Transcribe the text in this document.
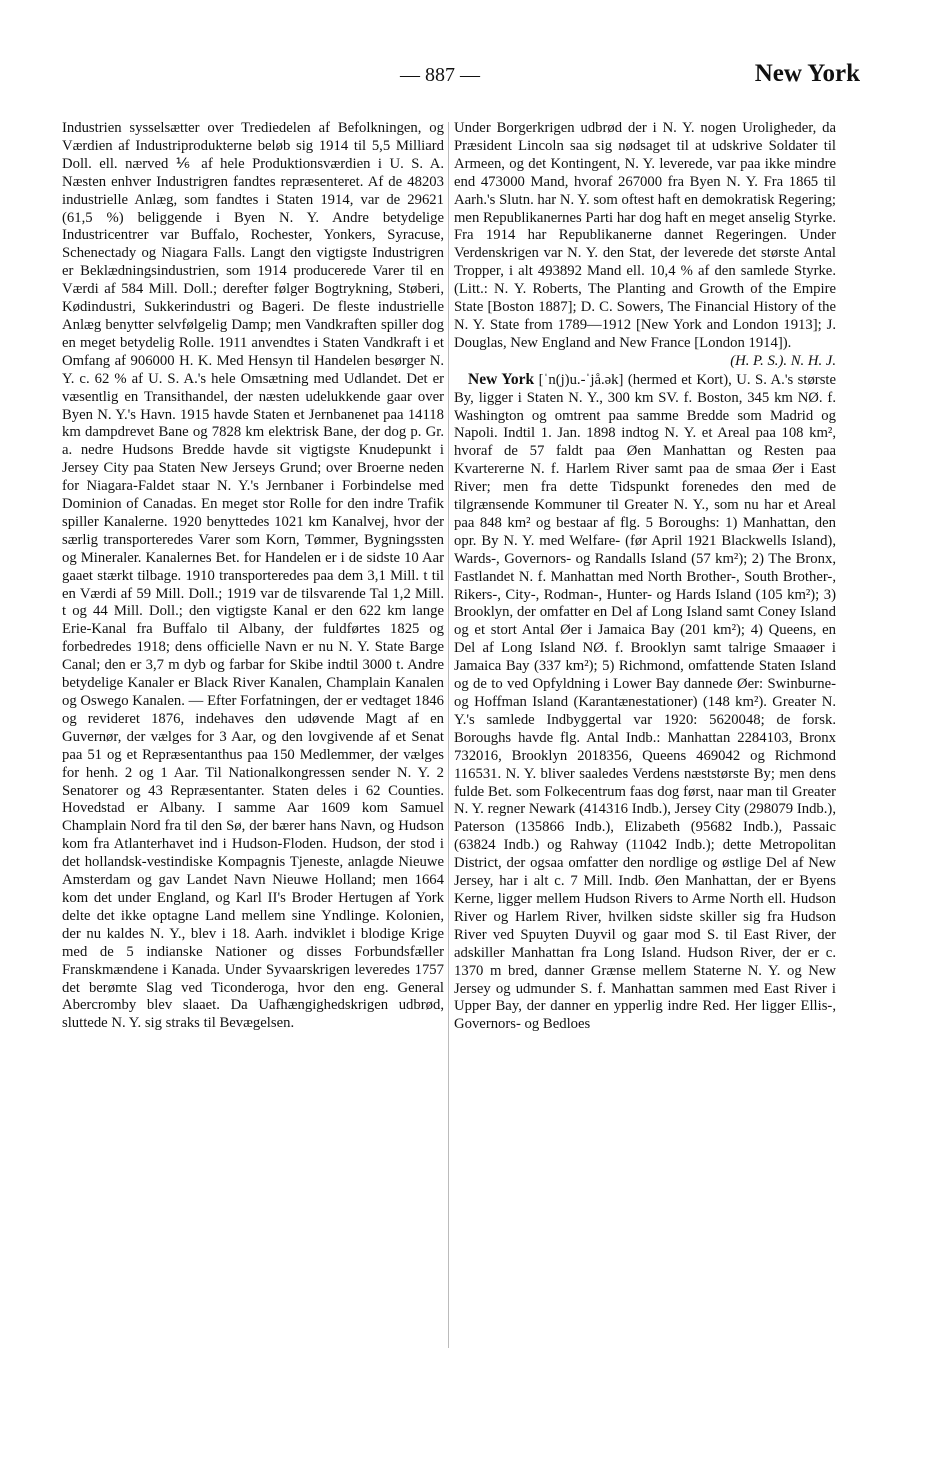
— 887 —	New York
Industrien sysselsætter over Trediedelen af Befolkningen, og Værdien af Industriprodukterne beløb sig 1914 til 5,5 Milliard Doll. ell. nærved ⅙ af hele Produktionsværdien i U. S. A. Næsten enhver Industrigren fandtes repræsenteret. Af de 48203 industrielle Anlæg, som fandtes i Staten 1914, var de 29621 (61,5 %) beliggende i Byen N. Y. Andre betydelige Industricentrer var Buffalo, Rochester, Yonkers, Syracuse, Schenectady og Niagara Falls. Langt den vigtigste Industrigren er Beklædningsindustrien, som 1914 producerede Varer til en Værdi af 584 Mill. Doll.; derefter følger Bogtrykning, Støberi, Kødindustri, Sukkerindustri og Bageri. De fleste industrielle Anlæg benytter selvfølgelig Damp; men Vandkraften spiller dog en meget betydelig Rolle. 1911 anvendtes i Staten Vandkraft i et Omfang af 906000 H. K. Med Hensyn til Handelen besørger N. Y. c. 62 % af U. S. A.'s hele Omsætning med Udlandet. Det er væsentlig en Transithandel, der næsten udelukkende gaar over Byen N. Y.'s Havn. 1915 havde Staten et Jernbanenet paa 14118 km dampdrevet Bane og 7828 km elektrisk Bane, der dog p. Gr. a. nedre Hudsons Bredde havde sit vigtigste Knudepunkt i Jersey City paa Staten New Jerseys Grund; over Broerne neden for Niagara-Faldet staar N. Y.'s Jernbaner i Forbindelse med Dominion of Canadas. En meget stor Rolle for den indre Trafik spiller Kanalerne. 1920 benyttedes 1021 km Kanalvej, hvor der særlig transporteredes Varer som Korn, Tømmer, Bygningssten og Mineraler. Kanalernes Bet. for Handelen er i de sidste 10 Aar gaaet stærkt tilbage. 1910 transporteredes paa dem 3,1 Mill. t til en Værdi af 59 Mill. Doll.; 1919 var de tilsvarende Tal 1,2 Mill. t og 44 Mill. Doll.; den vigtigste Kanal er den 622 km lange Erie-Kanal fra Buffalo til Albany, der fuldførtes 1825 og forbedredes 1918; dens officielle Navn er nu N. Y. State Barge Canal; den er 3,7 m dyb og farbar for Skibe indtil 3000 t. Andre betydelige Kanaler er Black River Kanalen, Champlain Kanalen og Oswego Kanalen. — Efter Forfatningen, der er vedtaget 1846 og revideret 1876, indehaves den udøvende Magt af en Guvernør, der vælges for 3 Aar, og den lovgivende af et Senat paa 51 og et Repræsentanthus paa 150 Medlemmer, der vælges for henh. 2 og 1 Aar. Til Nationalkongressen sender N. Y. 2 Senatorer og 43 Repræsentanter. Staten deles i 62 Counties. Hovedstad er Albany. I samme Aar 1609 kom Samuel Champlain Nord fra til den Sø, der bærer hans Navn, og Hudson kom fra Atlanterhavet ind i Hudson-Floden. Hudson, der stod i det hollandsk-vestindiske Kompagnis Tjeneste, anlagde Nieuwe Amsterdam og gav Landet Navn Nieuwe Holland; men 1664 kom det under England, og Karl II's Broder Hertugen af York delte det ikke optagne Land mellem sine Yndlinge. Kolonien, der nu kaldes N. Y., blev i 18. Aarh. indviklet i blodige Krige med de 5 indianske Nationer og disses Forbundsfæller Franskmændene i Kanada. Under Syvaarskrigen leveredes 1757 det berømte Slag ved Ticonderoga, hvor den eng. General Abercromby blev slaaet. Da Uafhængighedskrigen udbrød, sluttede N. Y. sig straks til Bevægelsen.
Under Borgerkrigen udbrød der i N. Y. nogen Uroligheder, da Præsident Lincoln saa sig nødsaget til at udskrive Soldater til Armeen, og det Kontingent, N. Y. leverede, var paa ikke mindre end 473000 Mand, hvoraf 267000 fra Byen N. Y. Fra 1865 til Aarh.'s Slutn. har N. Y. som oftest haft en demokratisk Regering; men Republikanernes Parti har dog haft en meget anselig Styrke. Fra 1914 har Republikanerne dannet Regeringen. Under Verdenskrigen var N. Y. den Stat, der leverede det største Antal Tropper, i alt 493892 Mand ell. 10,4 % af den samlede Styrke. (Litt.: N. Y. Roberts, The Planting and Growth of the Empire State [Boston 1887]; D. C. Sowers, The Financial History of the N. Y. State from 1789—1912 [New York and London 1913]; J. Douglas, New England and New France [London 1914]).
(H. P. S.). N. H. J.
New York [ˈn(j)u.-ˈjå.ək] (hermed et Kort), U. S. A.'s største By, ligger i Staten N. Y., 300 km SV. f. Boston, 345 km NØ. f. Washington og omtrent paa samme Bredde som Madrid og Napoli. Indtil 1. Jan. 1898 indtog N. Y. et Areal paa 108 km², hvoraf de 57 faldt paa Øen Manhattan og Resten paa Kvartererne N. f. Harlem River samt paa de smaa Øer i East River; men fra dette Tidspunkt forenedes den med de tilgrænsende Kommuner til Greater N. Y., som nu har et Areal paa 848 km² og bestaar af flg. 5 Boroughs: 1) Manhattan, den opr. By N. Y. med Welfare- (før April 1921 Blackwells Island), Wards-, Governors- og Randalls Island (57 km²); 2) The Bronx, Fastlandet N. f. Manhattan med North Brother-, South Brother-, Rikers-, City-, Rodman-, Hunter- og Hards Island (105 km²); 3) Brooklyn, der omfatter en Del af Long Island samt Coney Island og et stort Antal Øer i Jamaica Bay (201 km²); 4) Queens, en Del af Long Island NØ. f. Brooklyn samt talrige Smaaøer i Jamaica Bay (337 km²); 5) Richmond, omfattende Staten Island og de to ved Opfyldning i Lower Bay dannede Øer: Swinburne- og Hoffman Island (Karantænestationer) (148 km²). Greater N. Y.'s samlede Indbyggertal var 1920: 5620048; de forsk. Boroughs havde flg. Antal Indb.: Manhattan 2284103, Bronx 732016, Brooklyn 2018356, Queens 469042 og Richmond 116531. N. Y. bliver saaledes Verdens næststørste By; men dens fulde Bet. som Folkecentrum faas dog først, naar man til Greater N. Y. regner Newark (414316 Indb.), Jersey City (298079 Indb.), Paterson (135866 Indb.), Elizabeth (95682 Indb.), Passaic (63824 Indb.) og Rahway (11042 Indb.); dette Metropolitan District, der ogsaa omfatter den nordlige og østlige Del af New Jersey, har i alt c. 7 Mill. Indb. Øen Manhattan, der er Byens Kerne, ligger mellem Hudson Rivers to Arme North ell. Hudson River og Harlem River, hvilken sidste skiller sig fra Hudson River ved Spuyten Duyvil og gaar mod S. til East River, der adskiller Manhattan fra Long Island. Hudson River, der er c. 1370 m bred, danner Grænse mellem Staterne N. Y. og New Jersey og udmunder S. f. Manhattan sammen med East River i Upper Bay, der danner en ypperlig indre Red. Her ligger Ellis-, Governors- og Bedloes
